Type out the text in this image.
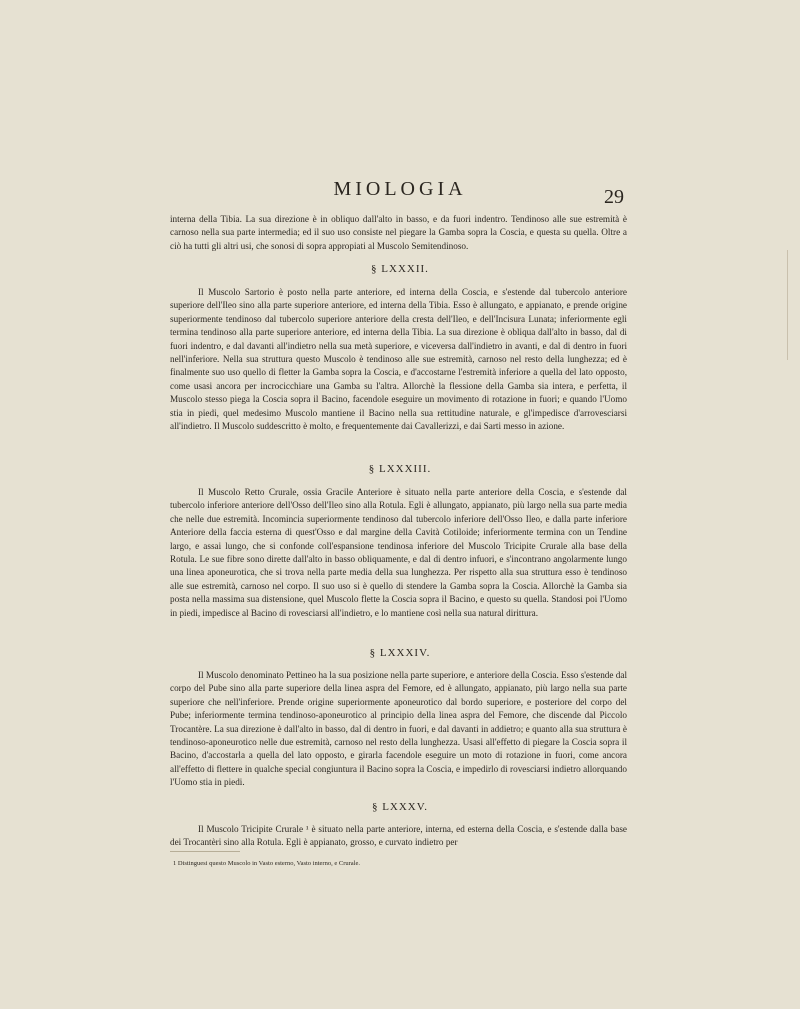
MIOLOGIA	29

interna della Tibia. La sua direzione è in obliquo dall'alto in basso, e da fuori indentro. Tendinoso alle sue estremità è carnoso nella sua parte intermedia; ed il suo uso consiste nel piegare la Gamba sopra la Coscia, e questa su quella. Oltre a ciò ha tutti gli altri usi, che sonosi di sopra appropiati al Muscolo Semitendinoso.

§ LXXXII.

Il Muscolo Sartorio è posto nella parte anteriore, ed interna della Coscia, e s'estende dal tubercolo anteriore superiore dell'Ileo sino alla parte superiore anteriore, ed interna della Tibia. Esso è allungato, e appianato, e prende origine superiormente tendinoso dal tubercolo superiore anteriore della cresta dell'Ileo, e dell'Incisura Lunata; inferiormente egli termina tendinoso alla parte superiore anteriore, ed interna della Tibia. La sua direzione è obliqua dall'alto in basso, dal di fuori indentro, e dal davanti all'indietro nella sua metà superiore, e viceversa dall'indietro in avanti, e dal di dentro in fuori nell'inferiore. Nella sua struttura questo Muscolo è tendinoso alle sue estremità, carnoso nel resto della lunghezza; ed è finalmente suo uso quello di fletter la Gamba sopra la Coscia, e d'accostarne l'estremità inferiore a quella del lato opposto, come usasi ancora per incrocicchiare una Gamba su l'altra. Allorchè la flessione della Gamba sia intera, e perfetta, il Muscolo stesso piega la Coscia sopra il Bacino, facendole eseguire un movimento di rotazione in fuori; e quando l'Uomo stia in piedi, quel medesimo Muscolo mantiene il Bacino nella sua rettitudine naturale, e gl'impedisce d'arrovesciarsi all'indietro. Il Muscolo suddescritto è molto, e frequentemente dai Cavallerizzi, e dai Sarti messo in azione.

§ LXXXIII.

Il Muscolo Retto Crurale, ossia Gracile Anteriore è situato nella parte anteriore della Coscia, e s'estende dal tubercolo inferiore anteriore dell'Osso dell'Ileo sino alla Rotula. Egli è allungato, appianato, più largo nella sua parte media che nelle due estremità. Incomincia superiormente tendinoso dal tubercolo inferiore dell'Osso Ileo, e dalla parte inferiore Anteriore della faccia esterna di quest'Osso e dal margine della Cavità Cotiloide; inferiormente termina con un Tendine largo, e assai lungo, che si confonde coll'espansione tendinosa inferiore del Muscolo Tricipite Crurale alla base della Rotula. Le sue fibre sono dirette dall'alto in basso obliquamente, e dal di dentro infuori, e s'incontrano angolarmente lungo una linea aponeurotica, che si trova nella parte media della sua lunghezza. Per rispetto alla sua struttura esso è tendinoso alle sue estremità, carnoso nel corpo. Il suo uso si è quello di stendere la Gamba sopra la Coscia. Allorchè la Gamba sia posta nella massima sua distensione, quel Muscolo flette la Coscia sopra il Bacino, e questo su quella. Standosi poi l'Uomo in piedi, impedisce al Bacino di rovesciarsi all'indietro, e lo mantiene così nella sua natural dirittura.

§ LXXXIV.

Il Muscolo denominato Pettineo ha la sua posizione nella parte superiore, e anteriore della Coscia. Esso s'estende dal corpo del Pube sino alla parte superiore della linea aspra del Femore, ed è allungato, appianato, più largo nella sua parte superiore che nell'inferiore. Prende origine superiormente aponeurotico dal bordo superiore, e posteriore del corpo del Pube; inferiormente termina tendinoso-aponeurotico al principio della linea aspra del Femore, che discende dal Piccolo Trocantère. La sua direzione è dall'alto in basso, dal di dentro in fuori, e dal davanti in addietro; e quanto alla sua struttura è tendinoso-aponeurotico nelle due estremità, carnoso nel resto della lunghezza. Usasi all'effetto di piegare la Coscia sopra il Bacino, d'accostarla a quella del lato opposto, e girarla facendole eseguire un moto di rotazione in fuori, come ancora all'effetto di flettere in qualche special congiuntura il Bacino sopra la Coscia, e impedirlo di rovesciarsi indietro allorquando l'Uomo stia in piedi.

§ LXXXV.

Il Muscolo Tricipite Crurale ¹ è situato nella parte anteriore, interna, ed esterna della Coscia, e s'estende dalla base dei Trocantèri sino alla Rotula. Egli è appianato, grosso, e curvato indietro per

1 Distinguesi questo Muscolo in Vasto esterno, Vasto interno, e Crurale.
